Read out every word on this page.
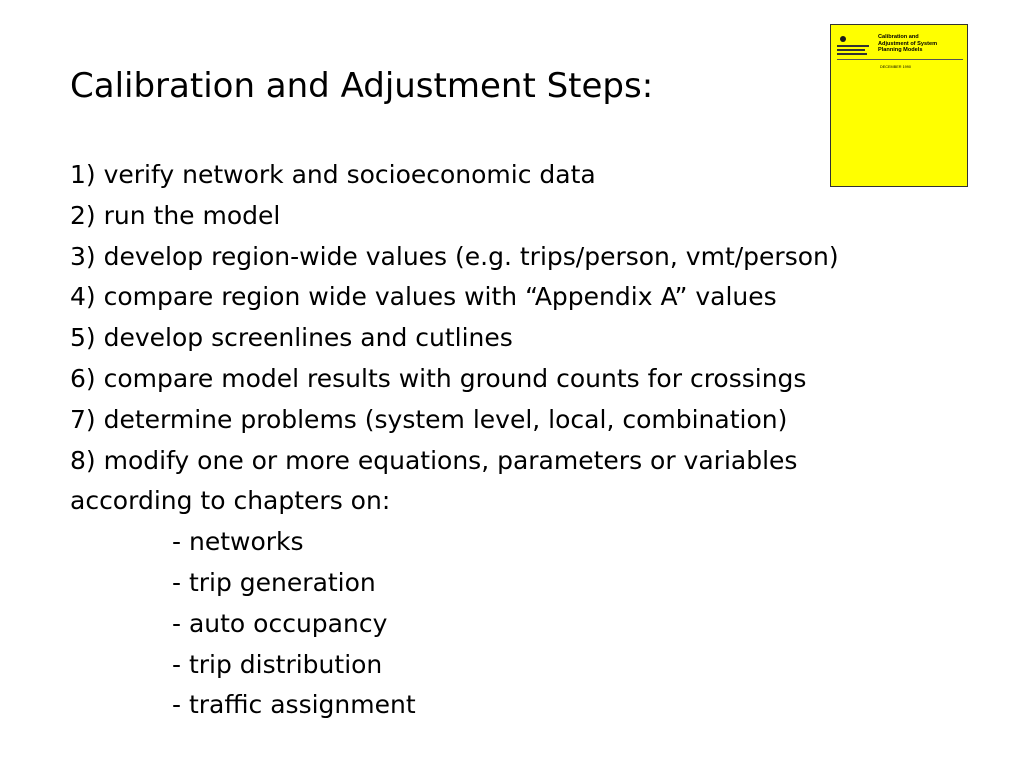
Calibration and Adjustment Steps:
1) verify network and socioeconomic data
2) run the model
3) develop region-wide values (e.g. trips/person, vmt/person)
4) compare region wide values with “Appendix A” values
5) develop screenlines and cutlines
6) compare model results with ground counts for crossings
7) determine problems (system level, local, combination)
8) modify one or more equations, parameters or variables
according to chapters on:
- networks
- trip generation
- auto occupancy
- trip distribution
- traffic assignment
Calibration and
Adjustment of System
Planning Models
DECEMBER 1990
